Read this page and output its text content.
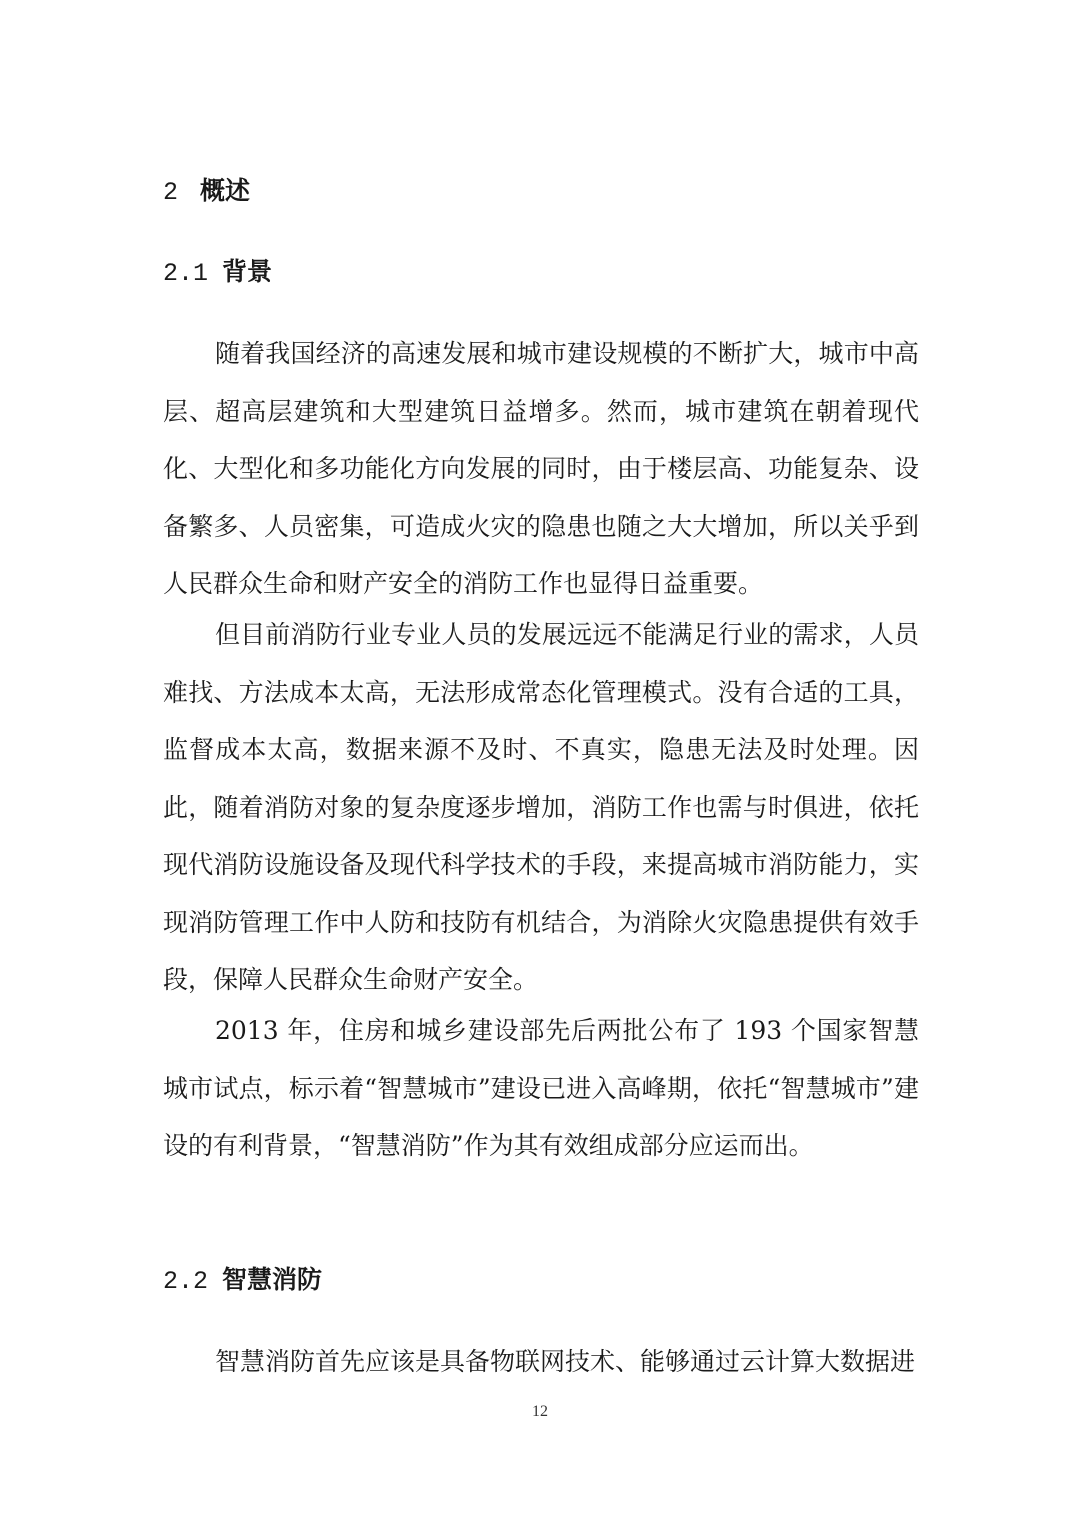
2 概述
2.1 背景

随着我国经济的高速发展和城市建设规模的不断扩大，城市中高层、超高层建筑和大型建筑日益增多。然而，城市建筑在朝着现代化、大型化和多功能化方向发展的同时，由于楼层高、功能复杂、设备繁多、人员密集，可造成火灾的隐患也随之大大增加，所以关乎到人民群众生命和财产安全的消防工作也显得日益重要。

但目前消防行业专业人员的发展远远不能满足行业的需求，人员难找、方法成本太高，无法形成常态化管理模式。没有合适的工具，监督成本太高，数据来源不及时、不真实，隐患无法及时处理。因此，随着消防对象的复杂度逐步增加，消防工作也需与时俱进，依托现代消防设施设备及现代科学技术的手段，来提高城市消防能力，实现消防管理工作中人防和技防有机结合，为消除火灾隐患提供有效手段，保障人民群众生命财产安全。

2013 年，住房和城乡建设部先后两批公布了 193 个国家智慧城市试点，标示着“智慧城市”建设已进入高峰期，依托“智慧城市”建设的有利背景，“智慧消防”作为其有效组成部分应运而出。

2.2 智慧消防

智慧消防首先应该是具备物联网技术、能够通过云计算大数据进

12
